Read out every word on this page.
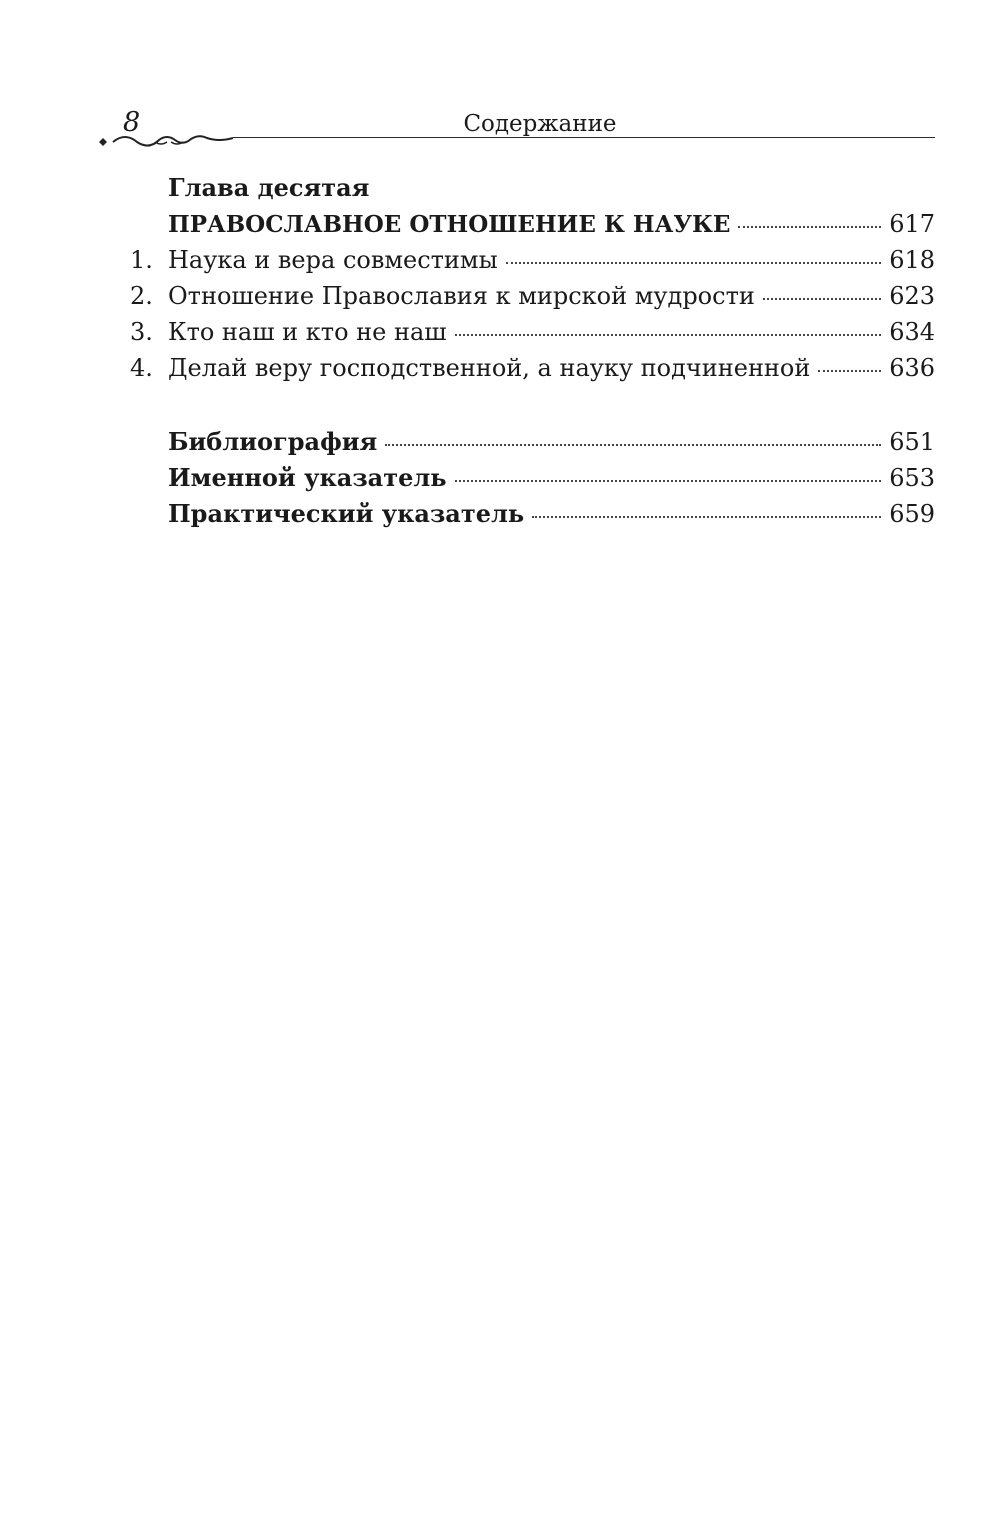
8	Содержание
Глава десятая
ПРАВОСЛАВНОЕ ОТНОШЕНИЕ К НАУКЕ	617
1. Наука и вера совместимы	618
2. Отношение Православия к мирской мудрости	623
3. Кто наш и кто не наш	634
4. Делай веру господственной, а науку подчиненной	636
Библиография	651
Именной указатель	653
Практический указатель	659
